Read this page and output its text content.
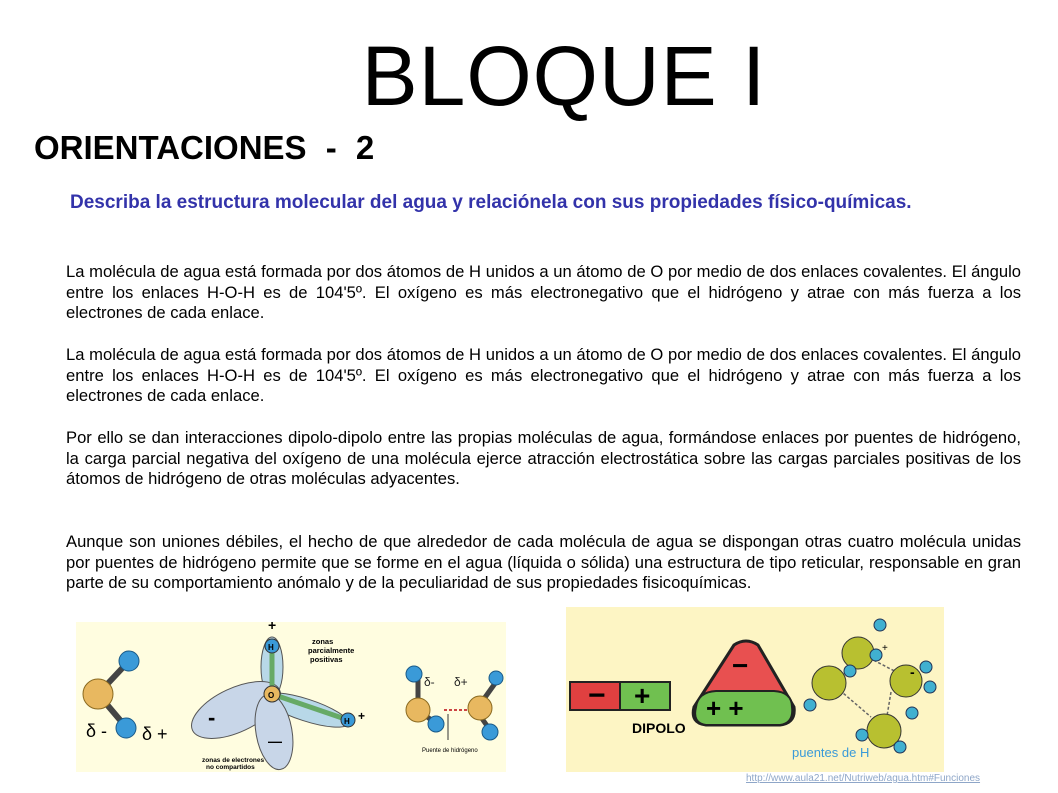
BLOQUE I
ORIENTACIONES - 2
Describa la estructura molecular del agua y relaciónela con sus propiedades físico-químicas.
La molécula de agua está formada por dos átomos de H unidos a un átomo de O por medio de dos enlaces covalentes. El ángulo entre los enlaces H-O-H es de 104'5º. El oxígeno es más electronegativo que el hidrógeno y atrae con más fuerza a los electrones de cada enlace.
La molécula de agua está formada por dos átomos de H unidos a un átomo de O por medio de dos enlaces covalentes. El ángulo entre los enlaces H-O-H es de 104'5º. El oxígeno es más electronegativo que el hidrógeno y atrae con más fuerza a los electrones de cada enlace.
Por ello se dan interacciones dipolo-dipolo entre las propias moléculas de agua, formándose enlaces por puentes de hidrógeno, la carga parcial negativa del oxígeno de una molécula ejerce atracción electrostática sobre las cargas parciales positivas de los átomos de hidrógeno de otras moléculas adyacentes.
Aunque son uniones débiles, el hecho de que alrededor de cada molécula de agua se dispongan otras cuatro molécula unidas por puentes de hidrógeno permite que se forme en el agua (líquida o sólida) una estructura de tipo reticular, responsable en gran parte de su comportamiento anómalo y de la peculiaridad de sus propiedades fisicoquímicas.
δ - δ +
+
H
O
H +
-
—
zonas parcialmente positivas
zonas de electrones no compartidos
δ- δ+
Puente de hidrógeno
− +
DIPOLO
−
+ +
+
-
puentes de H
http://www.aula21.net/Nutriweb/agua.htm#Funciones
